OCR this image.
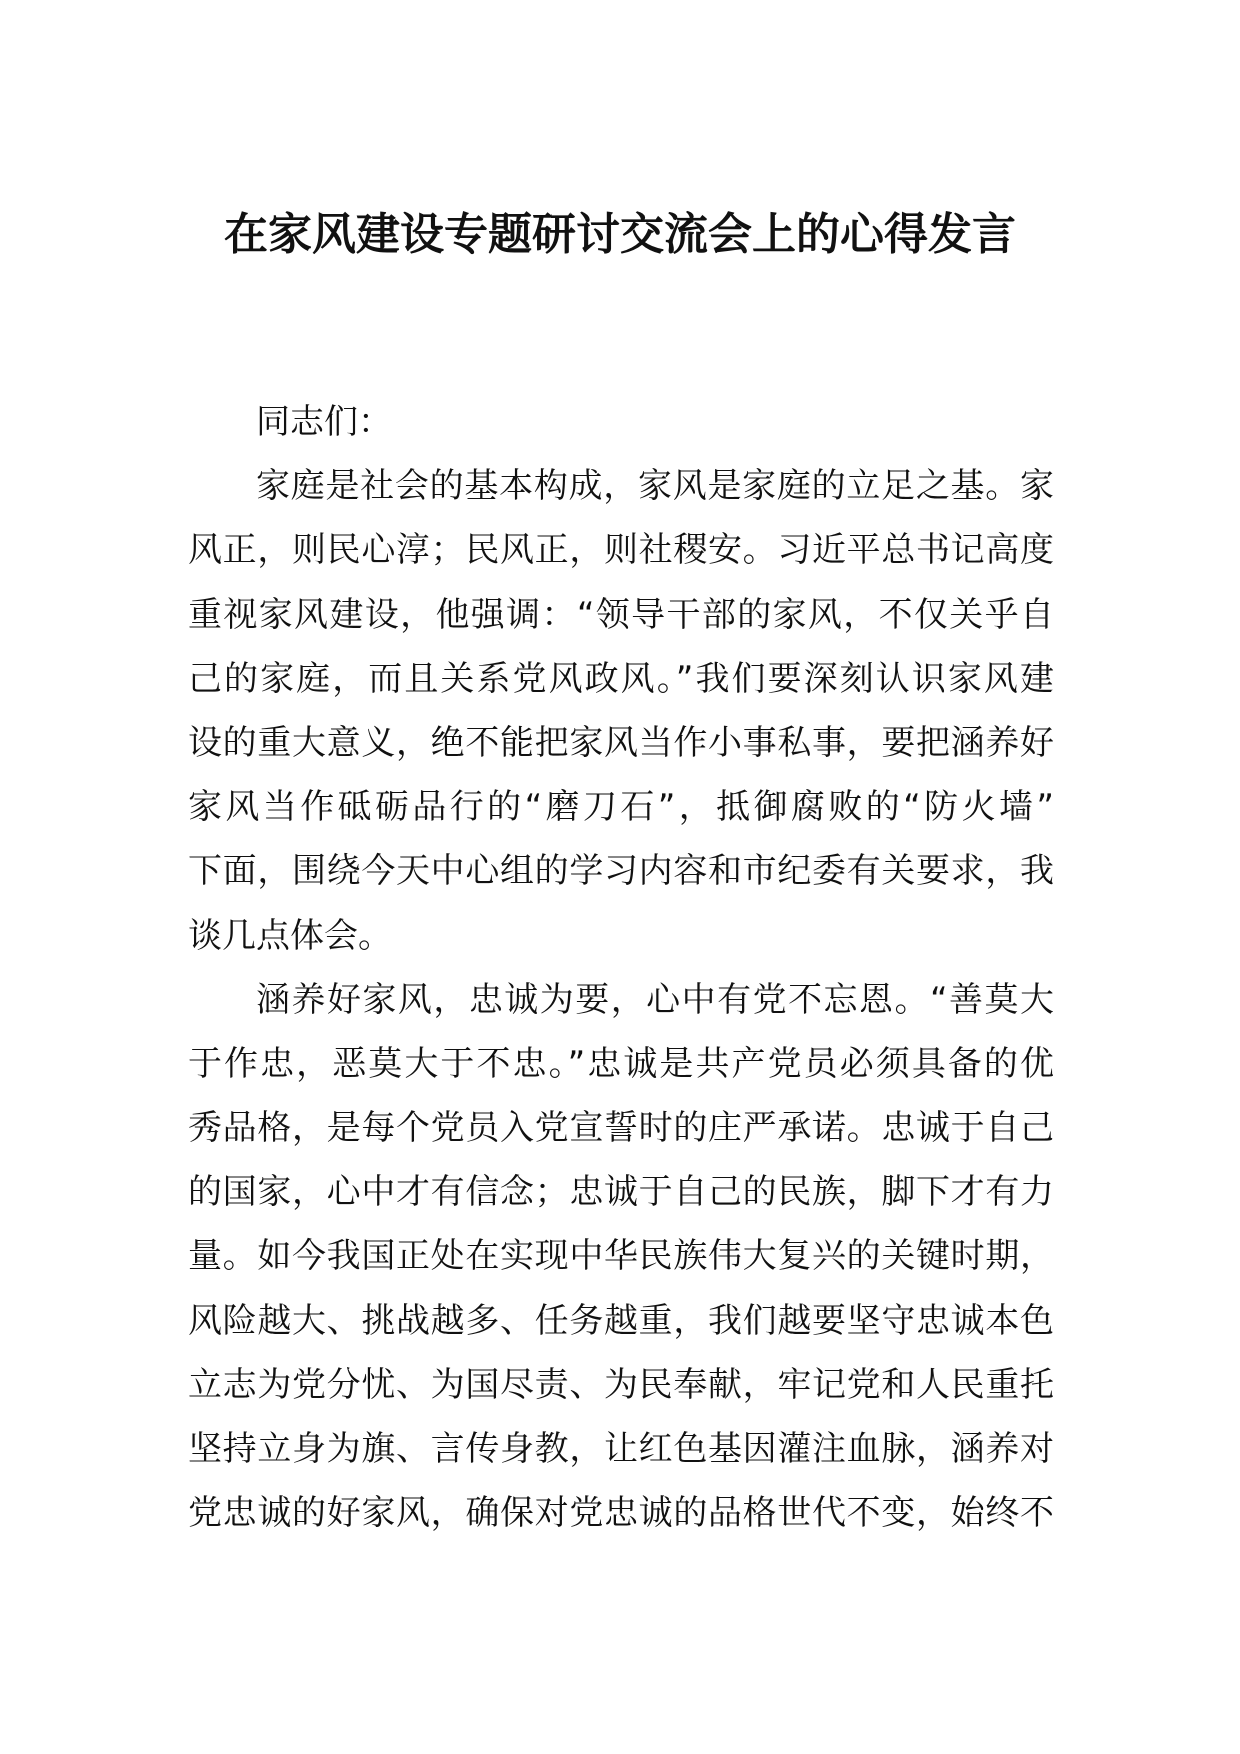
在家风建设专题研讨交流会上的心得发言
同志们：
家庭是社会的基本构成，家风是家庭的立足之基。家
风正，则民心淳；民风正，则社稷安。习近平总书记高度
重视家风建设，他强调：“领导干部的家风，不仅关乎自
己的家庭，而且关系党风政风。”我们要深刻认识家风建
设的重大意义，绝不能把家风当作小事私事，要把涵养好
家风当作砥砺品行的“磨刀石”，抵御腐败的“防火墙”
下面，围绕今天中心组的学习内容和市纪委有关要求，我
谈几点体会。
涵养好家风，忠诚为要，心中有党不忘恩。“善莫大
于作忠，恶莫大于不忠。”忠诚是共产党员必须具备的优
秀品格，是每个党员入党宣誓时的庄严承诺。忠诚于自己
的国家，心中才有信念；忠诚于自己的民族，脚下才有力
量。如今我国正处在实现中华民族伟大复兴的关键时期，
风险越大、挑战越多、任务越重，我们越要坚守忠诚本色
立志为党分忧、为国尽责、为民奉献，牢记党和人民重托
坚持立身为旗、言传身教，让红色基因灌注血脉，涵养对
党忠诚的好家风，确保对党忠诚的品格世代不变，始终不
